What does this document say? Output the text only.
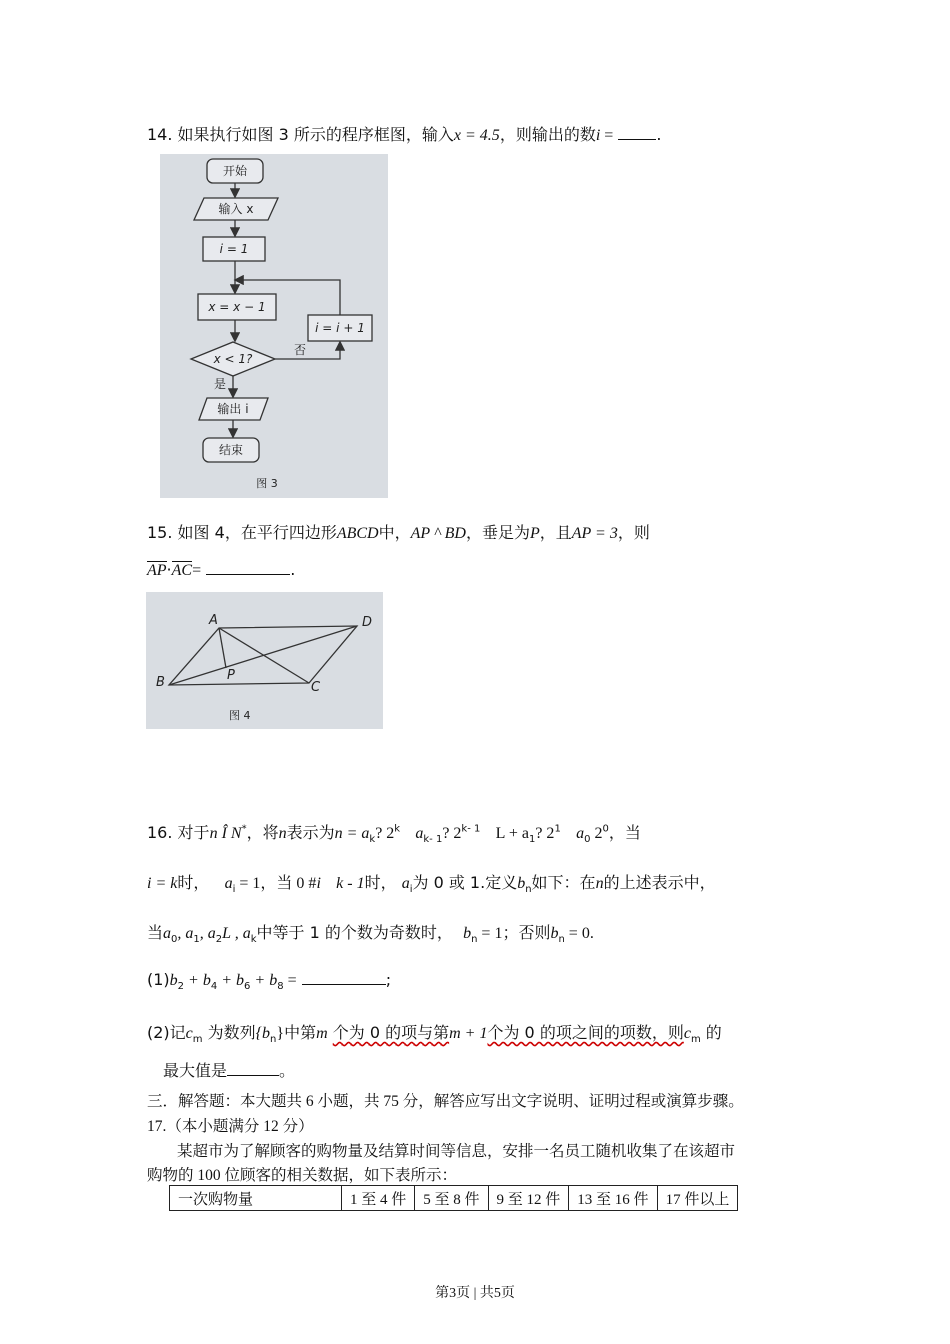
14. 如果执行如图 3 所示的程序框图，输入x = 4.5，则输出的数i =	.
开始
输入 x
i = 1
x = x − 1
i = i + 1
x < 1?
否
是
输出 i
结束
图 3
15. 如图 4，在平行四边形ABCD中，AP ^ BD，垂足为P，且AP = 3，则
AP·AC=	.
A	D
B	C
P
图 4
16. 对于n Î N*，将n表示为$n = a_k$? 2$^k$ $a_{k- 1}$? 2$^{k- 1}$ $L + a_1$? $2^1$ $a_0$ $2^0$，当
i = k时， $a_i = 1$，当 0 #i k - 1时， $a_i$为 0 或 1.定义$b_n$如下：在n的上述表示中，
当$a_0$, $a_1$, $a_2L$ , $a_k$中等于 1 的个数为奇数时， $b_n = 1$；否则$b_n = 0$.
$(1)b_2 + b_4 + b_6 + b_8$ =	;
(2)记$c_m$ 为数列$\{b_n\}$中第m 个为 0 的项与第m + 1个为 0 的项之间的项数，则$c_m$ 的
最大值是	。
三．解答题：本大题共 6 小题，共 75 分，解答应写出文字说明、证明过程或演算步骤。
17.（本小题满分 12 分）
某超市为了解顾客的购物量及结算时间等信息，安排一名员工随机收集了在该超市
购物的 100 位顾客的相关数据，如下表所示：
一次购物量	1 至 4 件	5 至 8 件	9 至 12 件	13 至 16 件	17 件以上
第3页 | 共5页
